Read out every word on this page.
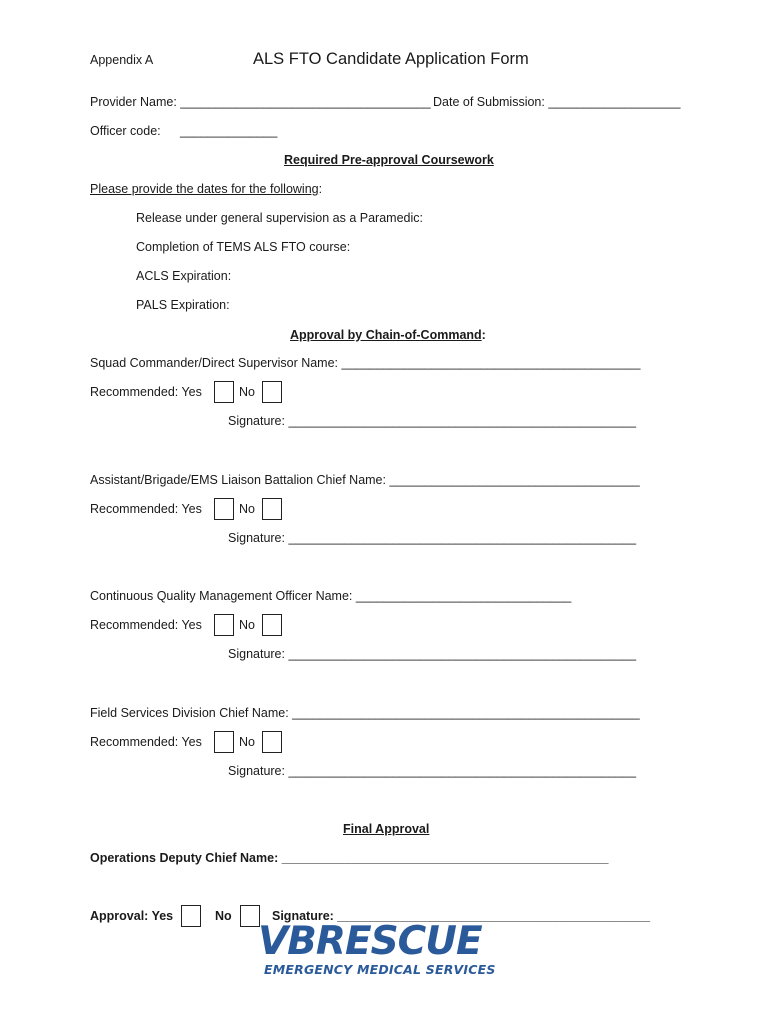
Appendix A	ALS FTO Candidate Application Form
Provider Name: ____________________________________ Date of Submission: ___________________
Officer code: ______________
Required Pre-approval Coursework
Please provide the dates for the following:
Release under general supervision as a Paramedic:
Completion of TEMS ALS FTO course:
ACLS Expiration:
PALS Expiration:
Approval by Chain-of-Command:
Squad Commander/Direct Supervisor Name: ___________________________________________
Recommended: Yes	No
Signature: __________________________________________________
Assistant/Brigade/EMS Liaison Battalion Chief Name: ____________________________________
Recommended: Yes	No
Signature: __________________________________________________
Continuous Quality Management Officer Name: _______________________________
Recommended: Yes	No
Signature: __________________________________________________
Field Services Division Chief Name: __________________________________________________
Recommended: Yes	No
Signature: __________________________________________________
Final Approval
Operations Deputy Chief Name: _______________________________________________
Approval: Yes	No	Signature: _____________________________________________
VBRESCUE
EMERGENCY MEDICAL SERVICES
